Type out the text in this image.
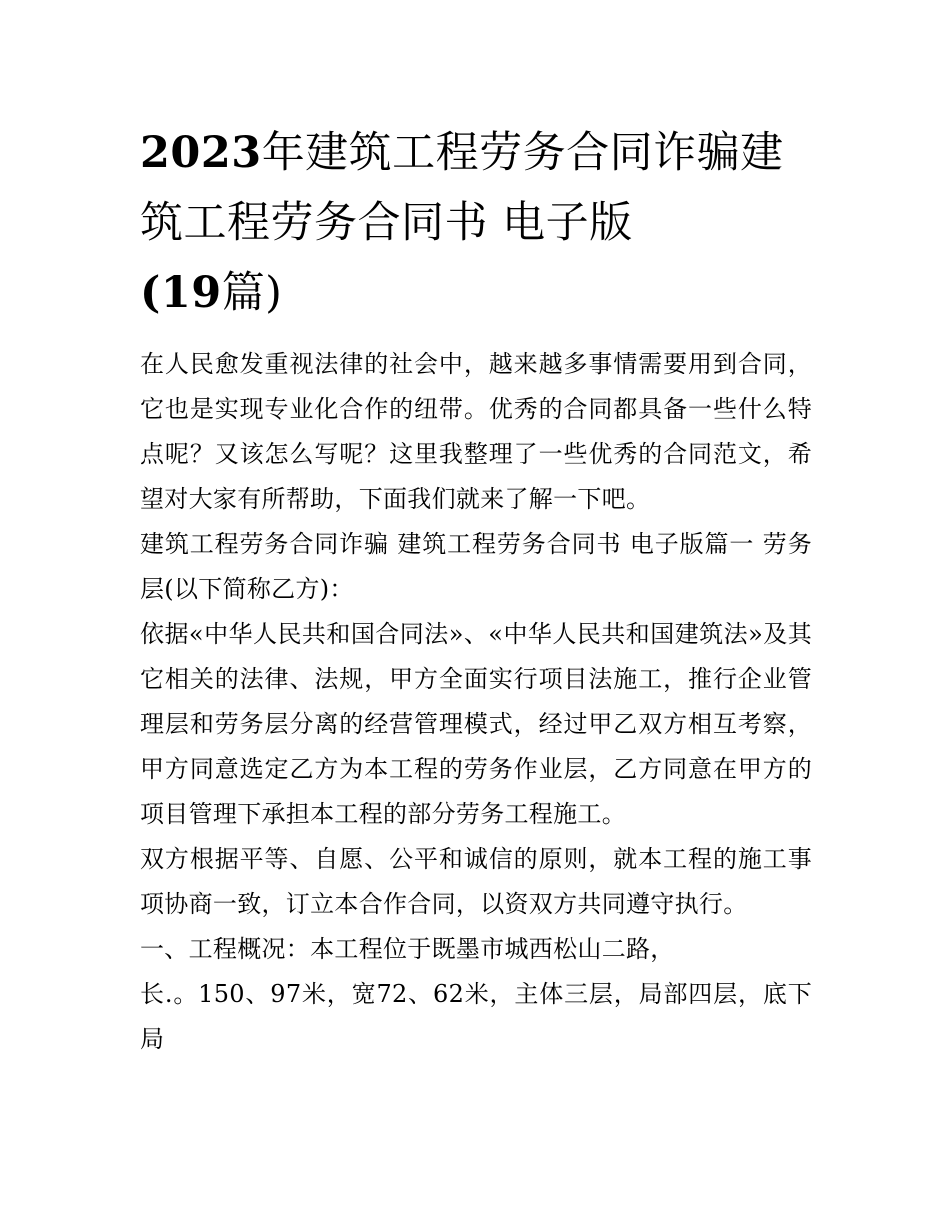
2023年建筑工程劳务合同诈骗建筑工程劳务合同书 电子版
(19篇)

在人民愈发重视法律的社会中，越来越多事情需要用到合同，它也是实现专业化合作的纽带。优秀的合同都具备一些什么特点呢？又该怎么写呢？这里我整理了一些优秀的合同范文，希望对大家有所帮助，下面我们就来了解一下吧。

建筑工程劳务合同诈骗 建筑工程劳务合同书 电子版篇一 劳务层(以下简称乙方)：

依据«中华人民共和国合同法»、«中华人民共和国建筑法»及其它相关的法律、法规，甲方全面实行项目法施工，推行企业管理层和劳务层分离的经营管理模式，经过甲乙双方相互考察，甲方同意选定乙方为本工程的劳务作业层，乙方同意在甲方的项目管理下承担本工程的部分劳务工程施工。

双方根据平等、自愿、公平和诚信的原则，就本工程的施工事项协商一致，订立本合作合同，以资双方共同遵守执行。

一、工程概况：本工程位于既墨市城西松山二路，

长.。150、97米，宽72、62米，主体三层，局部四层，底下局
